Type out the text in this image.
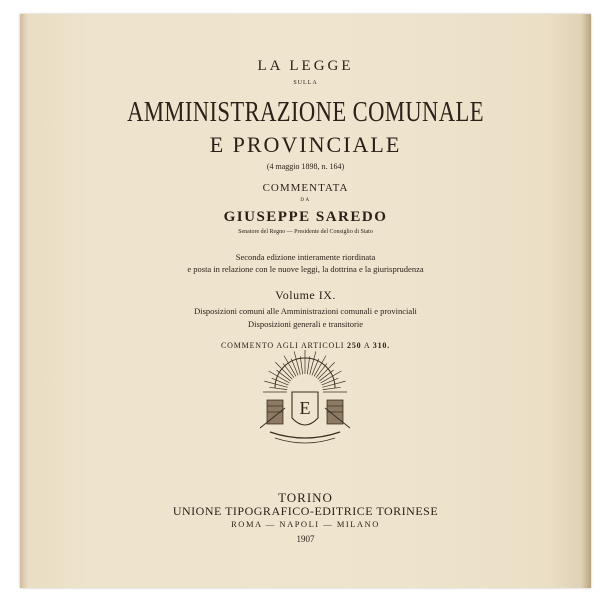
LA LEGGE

SULLA

AMMINISTRAZIONE COMUNALE

E PROVINCIALE

(4 maggio 1898, n. 164)

COMMENTATA

DA

GIUSEPPE SAREDO

Senatore del Regno — Presidente del Consiglio di Stato

Seconda edizione intieramente riordinata

e posta in relazione con le nuove leggi, la dottrina e la giurisprudenza

Volume IX.

Disposizioni comuni alle Amministrazioni comunali e provinciali

Disposizioni generali e transitorie

COMMENTO AGLI ARTICOLI 250 A 310.

E

TORINO

UNIONE TIPOGRAFICO-EDITRICE TORINESE

ROMA — NAPOLI — MILANO

1907
